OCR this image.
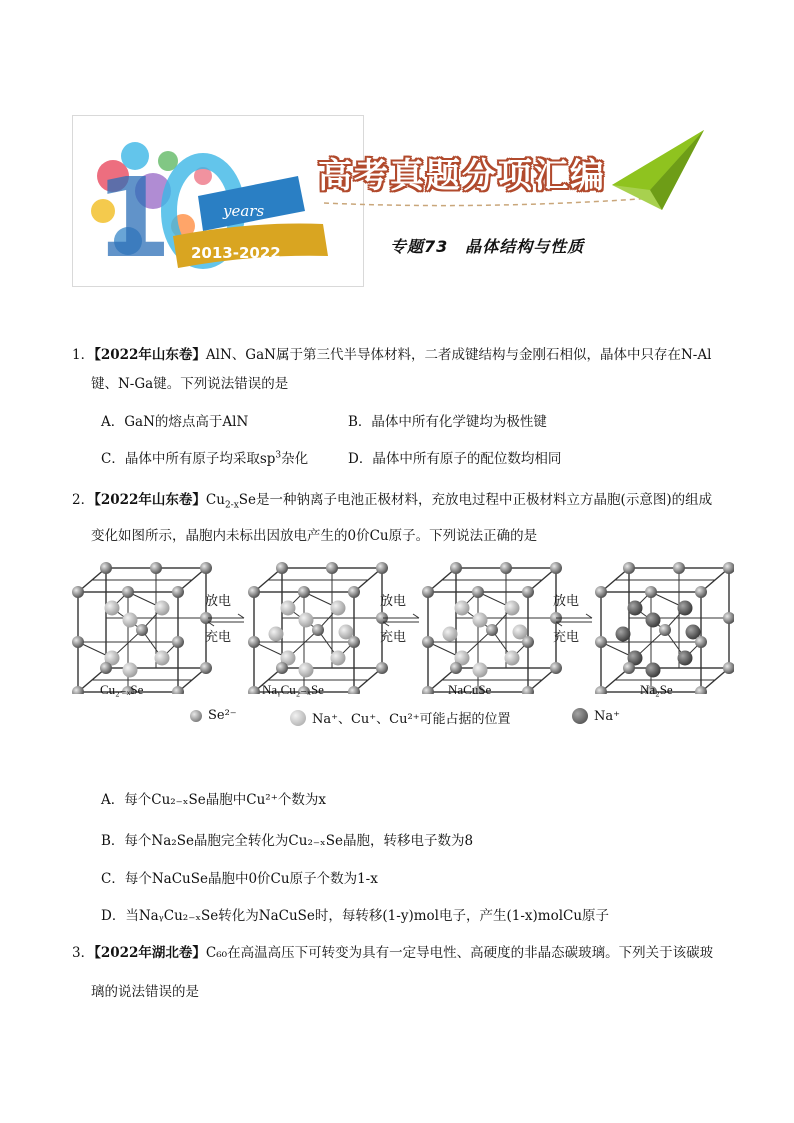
1	years
2013-2022
高考真题分项汇编
专题73　晶体结构与性质
1．【2022年山东卷】AlN、GaN属于第三代半导体材料，二者成键结构与金刚石相似，晶体中只存在N-Al
键、N-Ga键。下列说法错误的是
A．GaN的熔点高于AlN	B．晶体中所有化学键均为极性键
C．晶体中所有原子均采取$sp^3$杂化	D．晶体中所有原子的配位数均相同
2．【2022年山东卷】$Cu_{2-x}Se$是一种钠离子电池正极材料，充放电过程中正极材料立方晶胞(示意图)的组成
变化如图所示，晶胞内未标出因放电产生的0价Cu原子。下列说法正确的是
放电
充电
放电
充电
放电
充电
Cu₂₋ₓSe	NaᵧCu₂₋ₓSe	NaCuSe	Na₂Se
Se²⁻	Na⁺、Cu⁺、Cu²⁺可能占据的位置	Na⁺
A．每个Cu₂₋ₓSe晶胞中Cu²⁺个数为x
B．每个Na₂Se晶胞完全转化为Cu₂₋ₓSe晶胞，转移电子数为8
C．每个NaCuSe晶胞中0价Cu原子个数为1-x
D．当NaᵧCu₂₋ₓSe转化为NaCuSe时，每转移(1-y)mol电子，产生(1-x)molCu原子
3．【2022年湖北卷】C₆₀在高温高压下可转变为具有一定导电性、高硬度的非晶态碳玻璃。下列关于该碳玻
璃的说法错误的是
